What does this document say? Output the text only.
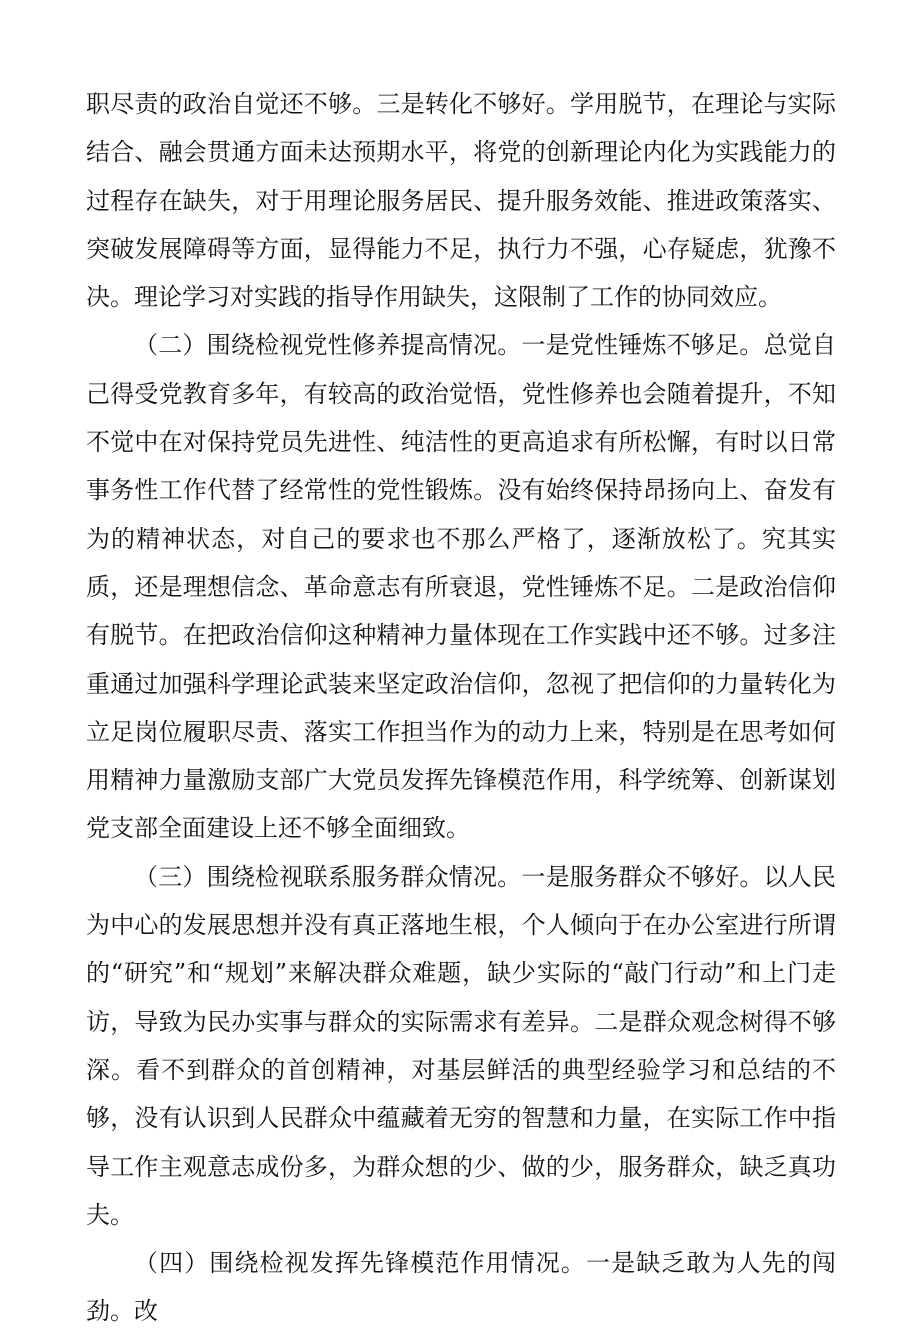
职尽责的政治自觉还不够。三是转化不够好。学用脱节，在理论与实际结合、融会贯通方面未达预期水平，将党的创新理论内化为实践能力的过程存在缺失，对于用理论服务居民、提升服务效能、推进政策落实、突破发展障碍等方面，显得能力不足，执行力不强，心存疑虑，犹豫不决。理论学习对实践的指导作用缺失，这限制了工作的协同效应。

（二）围绕检视党性修养提高情况。一是党性锤炼不够足。总觉自己得受党教育多年，有较高的政治觉悟，党性修养也会随着提升，不知不觉中在对保持党员先进性、纯洁性的更高追求有所松懈，有时以日常事务性工作代替了经常性的党性锻炼。没有始终保持昂扬向上、奋发有为的精神状态，对自己的要求也不那么严格了，逐渐放松了。究其实质，还是理想信念、革命意志有所衰退，党性锤炼不足。二是政治信仰有脱节。在把政治信仰这种精神力量体现在工作实践中还不够。过多注重通过加强科学理论武装来坚定政治信仰，忽视了把信仰的力量转化为立足岗位履职尽责、落实工作担当作为的动力上来，特别是在思考如何用精神力量激励支部广大党员发挥先锋模范作用，科学统筹、创新谋划党支部全面建设上还不够全面细致。

（三）围绕检视联系服务群众情况。一是服务群众不够好。以人民为中心的发展思想并没有真正落地生根，个人倾向于在办公室进行所谓的“研究”和“规划”来解决群众难题，缺少实际的“敲门行动”和上门走访，导致为民办实事与群众的实际需求有差异。二是群众观念树得不够深。看不到群众的首创精神，对基层鲜活的典型经验学习和总结的不够，没有认识到人民群众中蕴藏着无穷的智慧和力量，在实际工作中指导工作主观意志成份多，为群众想的少、做的少，服务群众，缺乏真功夫。

（四）围绕检视发挥先锋模范作用情况。一是缺乏敢为人先的闯劲。改
